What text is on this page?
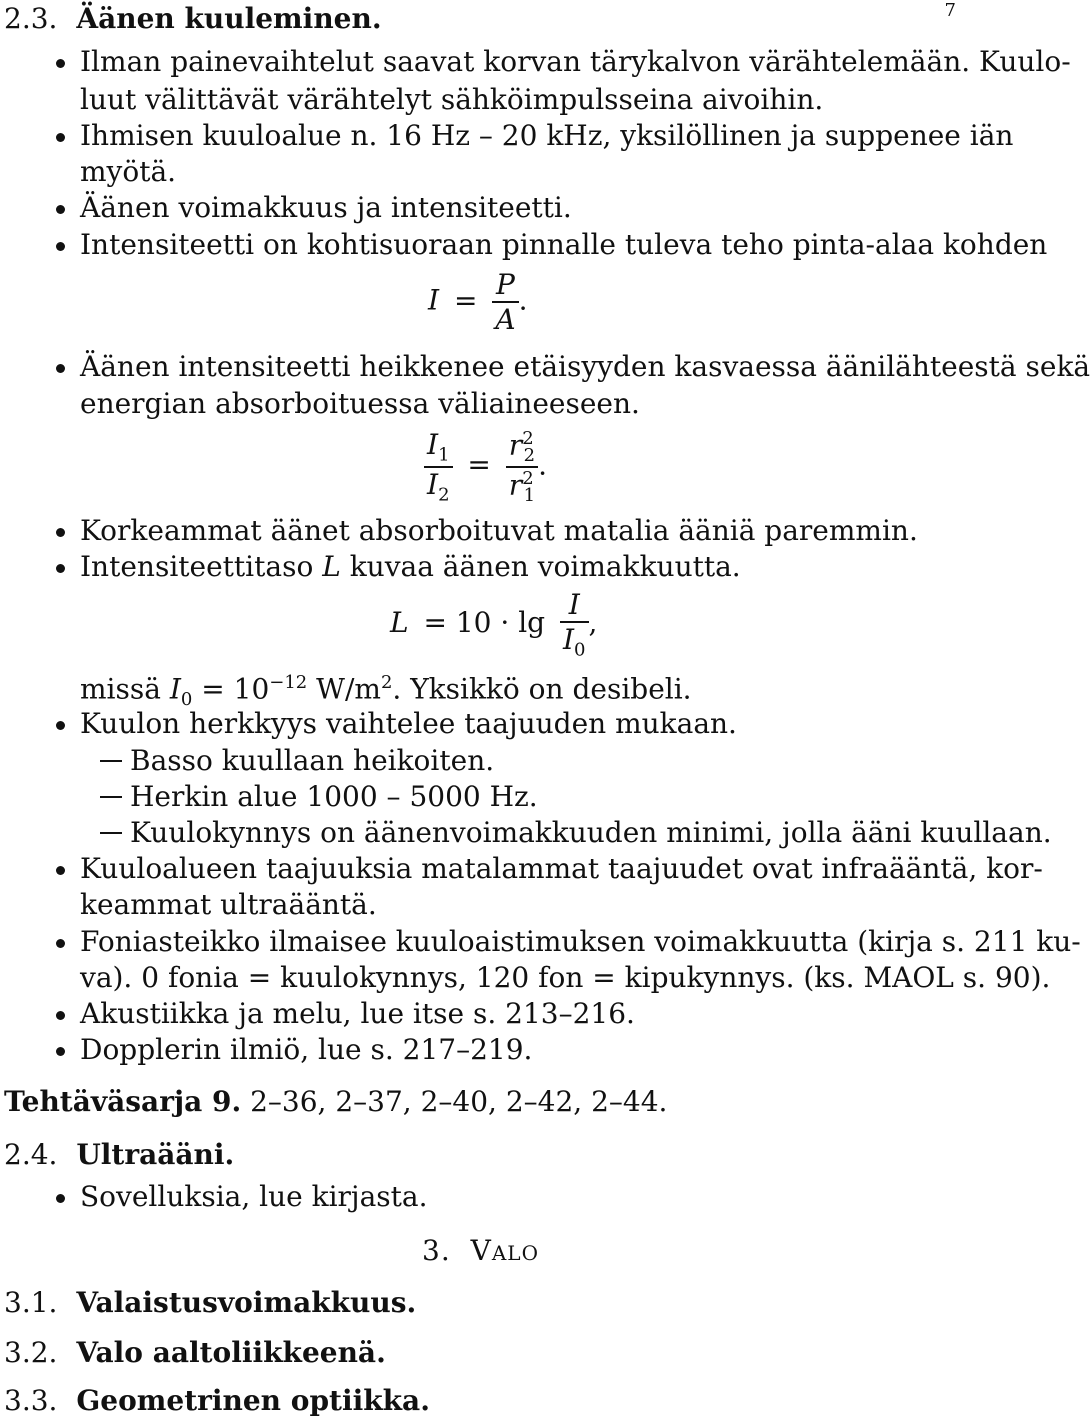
7
2.3. Äänen kuuleminen.
Ilman painevaihtelut saavat korvan tärykalvon värähtelemään. Kuulo-
luut välittävät värähtelyt sähköimpulsseina aivoihin.
Ihmisen kuuloalue n. 16 Hz – 20 kHz, yksilöllinen ja suppenee iän
myötä.
Äänen voimakkuus ja intensiteetti.
Intensiteetti on kohtisuoraan pinnalle tuleva teho pinta-alaa kohden
$I = \frac{P}{A}$ .
Äänen intensiteetti heikkenee etäisyyden kasvaessa äänilähteestä sekä
energian absorboituessa väliaineeseen.
$\frac{I_1}{I_2} = \frac{r^2_2}{r^2_1}$ .
Korkeammat äänet absorboituvat matalia ääniä paremmin.
Intensiteettitaso L kuvaa äänen voimakkuutta.
$L = 10 \cdot \lg \frac{I}{I_0}$ ,
missä $I_0 = 10^{-12}$ $W/m^2$. Yksikkö on desibeli.
Kuulon herkkyys vaihtelee taajuuden mukaan.
Basso kuullaan heikoiten.
Herkin alue 1000 – 5000 Hz.
Kuulokynnys on äänenvoimakkuuden minimi, jolla ääni kuullaan.
Kuuloalueen taajuuksia matalammat taajuudet ovat infraääntä, kor-
keammat ultraääntä.
Foniasteikko ilmaisee kuuloaistimuksen voimakkuutta (kirja s. 211 ku-
va). 0 fonia = kuulokynnys, 120 fon = kipukynnys. (ks. MAOL s. 90).
Akustiikka ja melu, lue itse s. 213–216.
Dopplerin ilmiö, lue s. 217–219.
Tehtäväsarja 9. 2–36, 2–37, 2–40, 2–42, 2–44.
2.4. Ultraääni.
Sovelluksia, lue kirjasta.
3. Valo
3.1. Valaistusvoimakkuus.
3.2. Valo aaltoliikkeenä.
3.3. Geometrinen optiikka.
